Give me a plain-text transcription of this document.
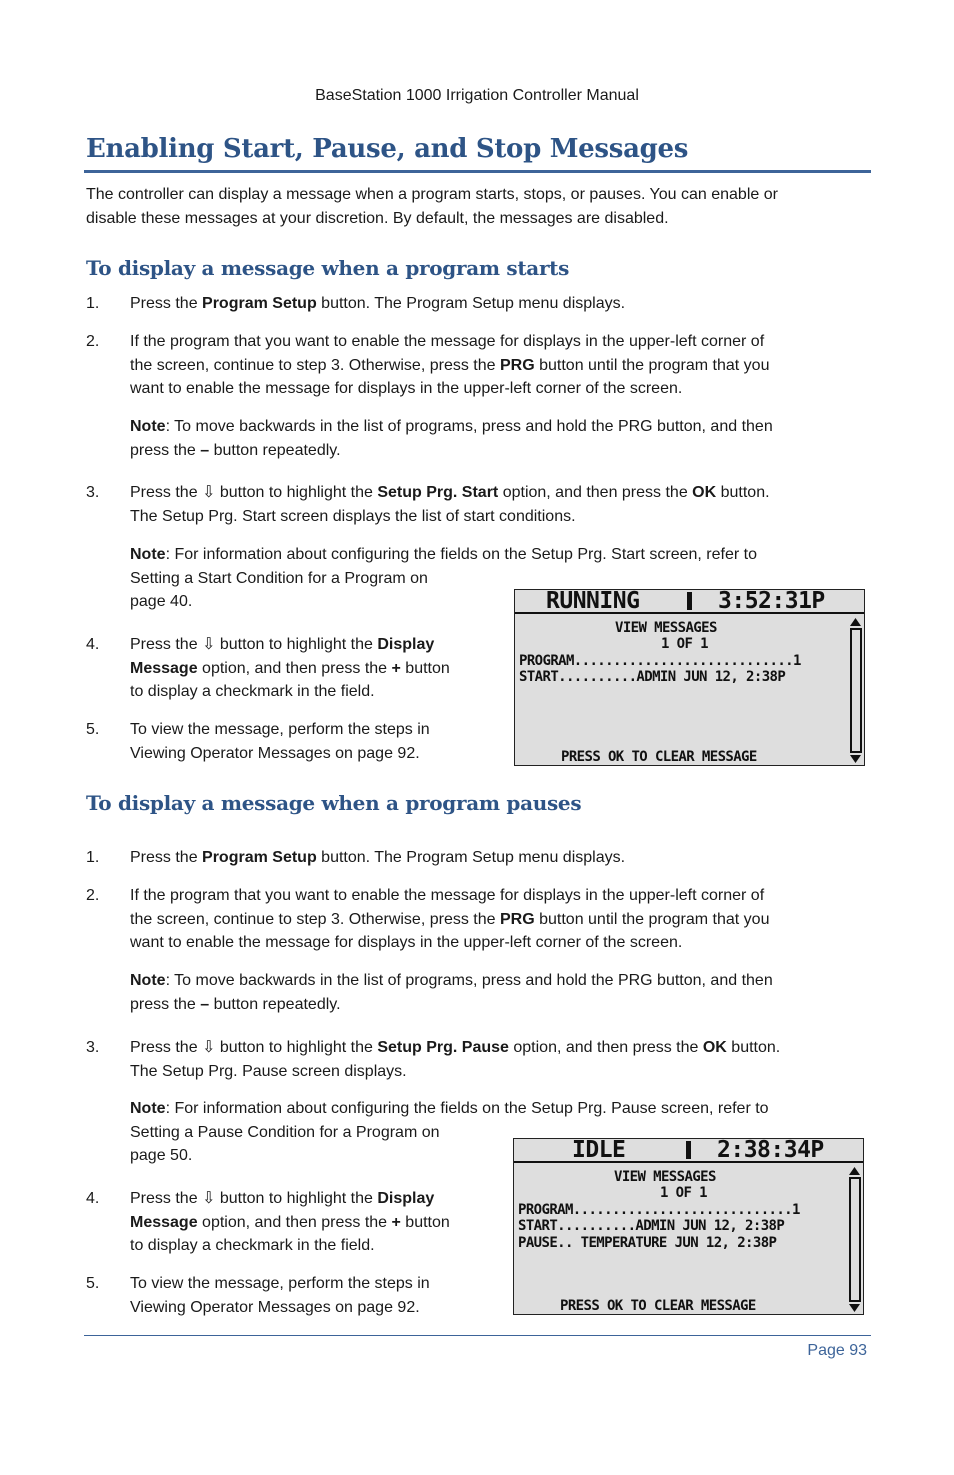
BaseStation 1000 Irrigation Controller Manual
Enabling Start, Pause, and Stop Messages
The controller can display a message when a program starts, stops, or pauses. You can enable or
disable these messages at your discretion. By default, the messages are disabled.
To display a message when a program starts
1. Press the Program Setup button. The Program Setup menu displays.
2. If the program that you want to enable the message for displays in the upper-left corner of
the screen, continue to step 3. Otherwise, press the PRG button until the program that you
want to enable the message for displays in the upper-left corner of the screen.
Note: To move backwards in the list of programs, press and hold the PRG button, and then
press the – button repeatedly.
3. Press the ⇩ button to highlight the Setup Prg. Start option, and then press the OK button.
The Setup Prg. Start screen displays the list of start conditions.
Note: For information about configuring the fields on the Setup Prg. Start screen, refer to
Setting a Start Condition for a Program on
page 40.
4. Press the ⇩ button to highlight the Display
Message option, and then press the + button
to display a checkmark in the field.
5. To view the message, perform the steps in
Viewing Operator Messages on page 92.
RUNNING	3:52:31P
VIEW MESSAGES
1 OF 1
PROGRAM............................1
START..........ADMIN JUN 12, 2:38P
PRESS OK TO CLEAR MESSAGE
To display a message when a program pauses
1. Press the Program Setup button. The Program Setup menu displays.
2. If the program that you want to enable the message for displays in the upper-left corner of
the screen, continue to step 3. Otherwise, press the PRG button until the program that you
want to enable the message for displays in the upper-left corner of the screen.
Note: To move backwards in the list of programs, press and hold the PRG button, and then
press the – button repeatedly.
3. Press the ⇩ button to highlight the Setup Prg. Pause option, and then press the OK button.
The Setup Prg. Pause screen displays.
Note: For information about configuring the fields on the Setup Prg. Pause screen, refer to
Setting a Pause Condition for a Program on
page 50.
4. Press the ⇩ button to highlight the Display
Message option, and then press the + button
to display a checkmark in the field.
5. To view the message, perform the steps in
Viewing Operator Messages on page 92.
IDLE	2:38:34P
VIEW MESSAGES
1 OF 1
PROGRAM............................1
START..........ADMIN JUN 12, 2:38P
PAUSE.. TEMPERATURE JUN 12, 2:38P
PRESS OK TO CLEAR MESSAGE
Page 93
